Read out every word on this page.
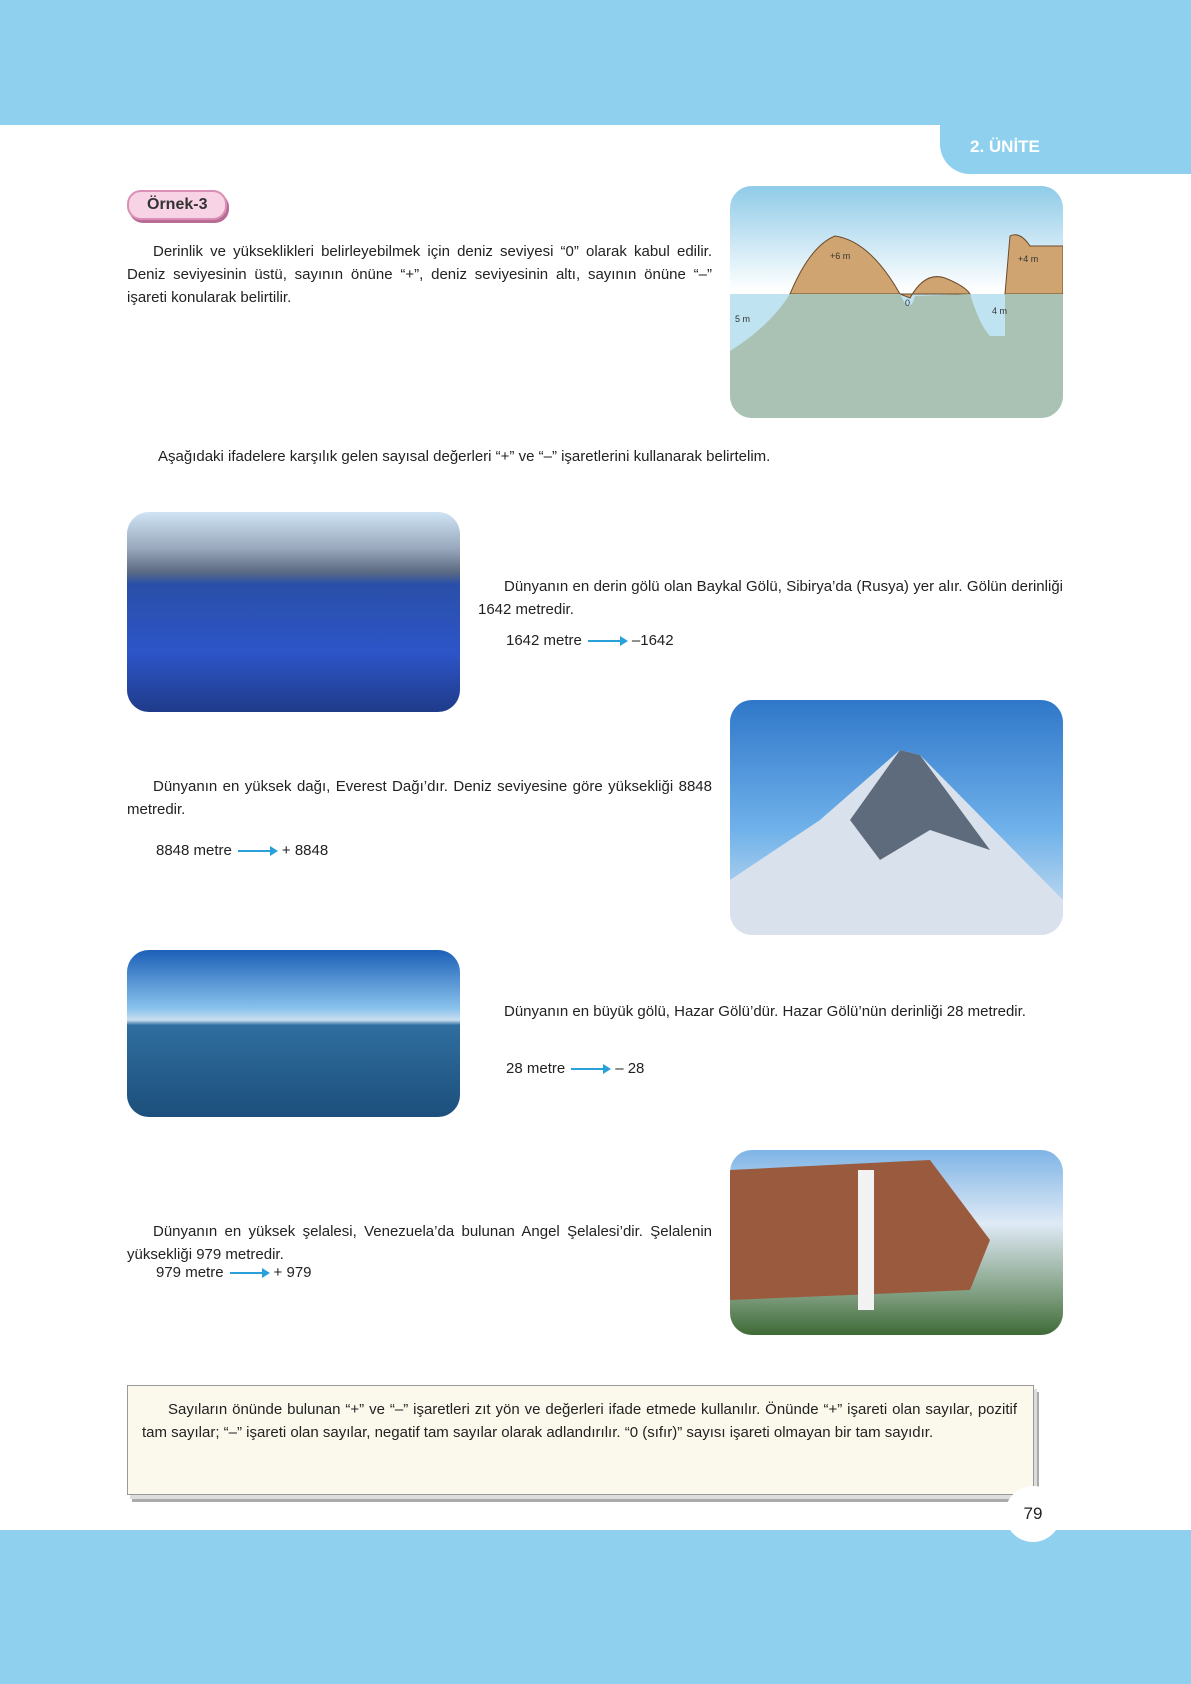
2. ÜNİTE
Örnek-3
Derinlik ve yükseklikleri belirleyebilmek için deniz seviyesi “0” olarak kabul edilir. Deniz seviyesinin üstü, sayının önüne “+”, deniz seviyesinin altı, sayının önüne “–” işareti konularak belirtilir.
+6 m	+4 m
0
5 m
4 m
Aşağıdaki ifadelere karşılık gelen sayısal değerleri “+” ve “–” işaretlerini kullanarak belirtelim.
Dünyanın en derin gölü olan Baykal Gölü, Sibirya’da (Rusya) yer alır. Gölün derinliği 1642 metredir.
1642 metre	–1642
Dünyanın en yüksek dağı, Everest Dağı’dır. Deniz seviyesine göre yüksekliği 8848 metredir.
8848 metre	+ 8848
Dünyanın en büyük gölü, Hazar Gölü’dür. Hazar Gölü’nün derinliği 28 metredir.
28 metre	– 28
Dünyanın en yüksek şelalesi, Venezuela’da bulunan Angel Şelalesi’dir. Şelalenin yüksekliği 979 metredir.
979 metre	+ 979
Sayıların önünde bulunan “+” ve “–” işaretleri zıt yön ve değerleri ifade etmede kullanılır. Önünde “+” işareti olan sayılar, pozitif tam sayılar; “–” işareti olan sayılar, negatif tam sayılar olarak adlandırılır. “0 (sıfır)” sayısı işareti olmayan bir tam sayıdır.
79
